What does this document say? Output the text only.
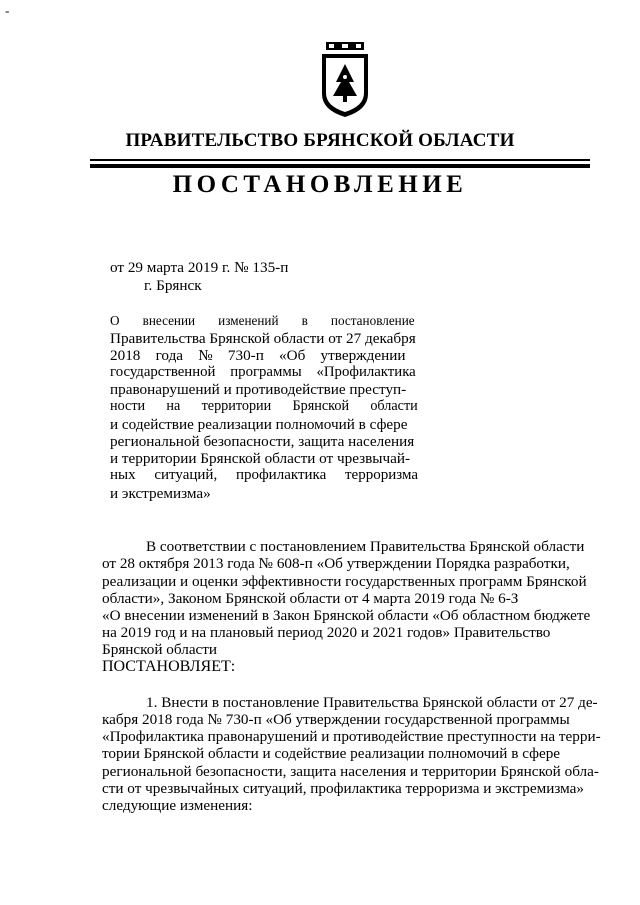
-
ПРАВИТЕЛЬСТВО БРЯНСКОЙ ОБЛАСТИ
ПОСТАНОВЛЕНИЕ
от 29 марта 2019 г. № 135-п
г. Брянск
О       внесении       изменений       в       постановление
Правительства Брянской области от 27 декабря
2018    года    №    730-п    «Об    утверждении
государственной    программы    «Профилактика
правонарушений и противодействие преступ-
ности      на      территории      Брянской      области
и содействие реализации полномочий в сфере
региональной безопасности, защита населения
и территории Брянской области от чрезвычай-
ных     ситуаций,     профилактика     терроризма
и экстремизма»
В соответствии с постановлением Правительства Брянской области
от 28 октября 2013 года № 608-п «Об утверждении Порядка разработки,
реализации и оценки эффективности государственных программ Брянской
области», Законом Брянской области от 4 марта 2019 года № 6-З
«О внесении изменений в Закон Брянской области «Об областном бюджете
на 2019 год и на плановый период 2020 и 2021 годов» Правительство
Брянской области
ПОСТАНОВЛЯЕТ:
1. Внести в постановление Правительства Брянской области от 27 де-
кабря 2018 года № 730-п «Об утверждении государственной программы
«Профилактика правонарушений и противодействие преступности на терри-
тории Брянской области и содействие реализации полномочий в сфере
региональной безопасности, защита населения и территории Брянской обла-
сти от чрезвычайных ситуаций, профилактика терроризма и экстремизма»
следующие изменения:
